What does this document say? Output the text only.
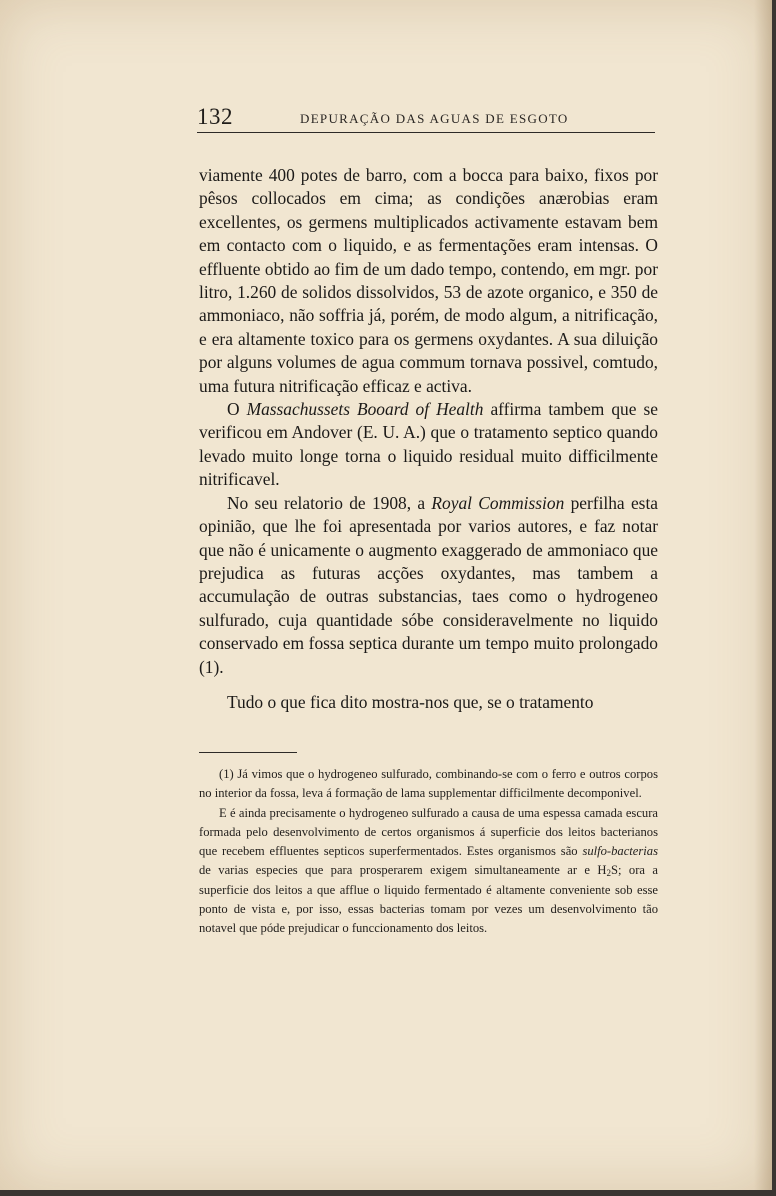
132	DEPURAÇÃO DAS AGUAS DE ESGOTO

viamente 400 potes de barro, com a bocca para baixo, fixos por pêsos collocados em cima; as condições anærobias eram excellentes, os germens multiplicados activamente estavam bem em contacto com o liquido, e as fermentações eram intensas. O effluente obtido ao fim de um dado tempo, contendo, em mgr. por litro, 1.260 de solidos dissolvidos, 53 de azote organico, e 350 de ammoniaco, não soffria já, porém, de modo algum, a nitrificação, e era altamente toxico para os germens oxydantes. A sua diluição por alguns volumes de agua commum tornava possivel, comtudo, uma futura nitrificação efficaz e activa.

O Massachussets Booard of Health affirma tambem que se verificou em Andover (E. U. A.) que o tratamento septico quando levado muito longe torna o liquido residual muito difficilmente nitrificavel.

No seu relatorio de 1908, a Royal Commission perfilha esta opinião, que lhe foi apresentada por varios autores, e faz notar que não é unicamente o augmento exaggerado de ammoniaco que prejudica as futuras acções oxydantes, mas tambem a accumulação de outras substancias, taes como o hydrogeneo sulfurado, cuja quantidade sóbe consideravelmente no liquido conservado em fossa septica durante um tempo muito prolongado (1).

Tudo o que fica dito mostra-nos que, se o tratamento

(1) Já vimos que o hydrogeneo sulfurado, combinando-se com o ferro e outros corpos no interior da fossa, leva á formação de lama supplementar difficilmente decomponivel.

E é ainda precisamente o hydrogeneo sulfurado a causa de uma espessa camada escura formada pelo desenvolvimento de certos organismos á superficie dos leitos bacterianos que recebem effluentes septicos superfermentados. Estes organismos são sulfo-bacterias de varias especies que para prosperarem exigem simultaneamente ar e $H_2S$; ora a superficie dos leitos a que afflue o liquido fermentado é altamente conveniente sob esse ponto de vista e, por isso, essas bacterias tomam por vezes um desenvolvimento tão notavel que póde prejudicar o funccionamento dos leitos.
